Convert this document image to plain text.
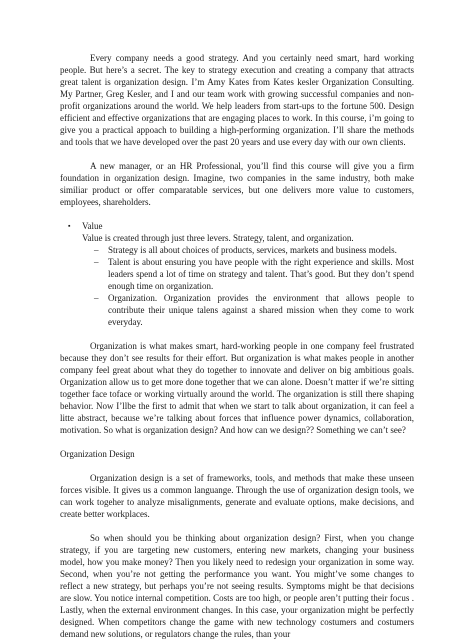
Every company needs a good strategy. And you certainly need smart, hard working people. But here’s a secret. The key to strategy execution and creating a company that attracts great talent is organization design. I’m Amy Kates from Kates kesler Organization Consulting. My Partner, Greg Kesler, and I and our team work with growing successful companies and non-profit organizations around the world. We help leaders from start-ups to the fortune 500. Design efficient and effective organizations that are engaging places to work. In this course, i’m going to give you a practical appoach to building a high-performing organization. I’ll share the methods and tools that we have developed over the past 20 years and use every day with our own clients.

A new manager, or an HR Professional, you’ll find this course will give you a firm foundation in organization design. Imagine, two companies in the same industry, both make similiar product or offer comparatable services, but one delivers more value to customers, employees, shareholders.

▪	Value

Value is created through just three levers. Strategy, talent, and organization.

–	Strategy is all about choices of products, services, markets and business models.

–	Talent is about ensuring you have people with the right experience and skills. Most leaders spend a lot of time on strategy and talent. That’s good. But they don’t spend enough time on organization.

–	Organization. Organization provides the environment that allows people to contribute their unique talens against a shared mission when they come to work everyday.

Organization is what makes smart, hard-working people in one company feel frustrated because they don’t see results for their effort. But organization is what makes people in another company feel great about what they do together to innovate and deliver on big ambitious goals. Organization allow us to get more done together that we can alone. Doesn’t matter if we’re sitting together face toface or working virtually around the world. The organization is still there shaping behavior. Now I’llbe the first to admit that when we start to talk about organization, it can feel a litte abstract, because we’re talking about forces that influence power dynamics, collaboration, motivation. So what is organization design? And how can we design?? Something we can’t see?

Organization Design

Organization design is a set of frameworks, tools, and methods that make these unseen forces visible. It gives us a common languange. Through the use of organization design tools, we can work togeher to analyze misalignments, generate and evaluate options, make decisions, and create better workplaces.

So when should you be thinking about organization design? First, when you change strategy, if you are targeting new customers, entering new markets, changing your business model, how you make money? Then you likely need to redesign your organization in some way. Second, when you’re not getting the performance you want. You might’ve some changes to reflect a new strategy, but perhaps you’re not seeing results. Symptoms might be that decisions are slow. You notice internal competition. Costs are too high, or people aren’t putting their focus . Lastly, when the external environment changes. In this case, your organization might be perfectly designed. When competitors change the game with new technology costumers and costumers demand new solutions, or regulators change the rules, than your
